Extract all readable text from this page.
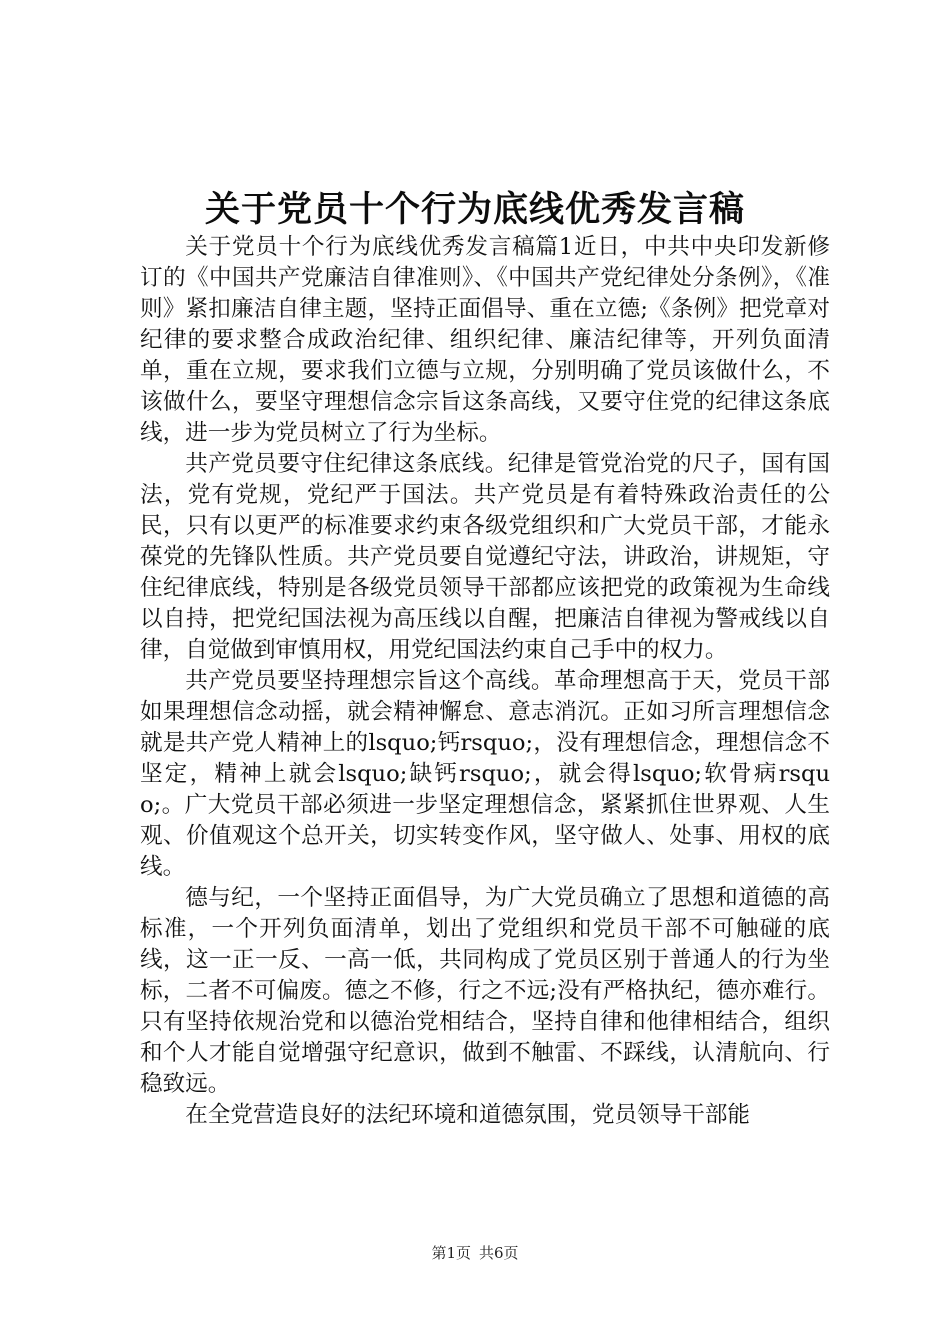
关于党员十个行为底线优秀发言稿

关于党员十个行为底线优秀发言稿篇1近日，中共中央印发新修订的《中国共产党廉洁自律准则》、《中国共产党纪律处分条例》，《准则》紧扣廉洁自律主题，坚持正面倡导、重在立德;《条例》把党章对纪律的要求整合成政治纪律、组织纪律、廉洁纪律等，开列负面清单，重在立规，要求我们立德与立规，分别明确了党员该做什么，不该做什么，要坚守理想信念宗旨这条高线，又要守住党的纪律这条底线，进一步为党员树立了行为坐标。

共产党员要守住纪律这条底线。纪律是管党治党的尺子，国有国法，党有党规，党纪严于国法。共产党员是有着特殊政治责任的公民，只有以更严的标准要求约束各级党组织和广大党员干部，才能永葆党的先锋队性质。共产党员要自觉遵纪守法，讲政治，讲规矩，守住纪律底线，特别是各级党员领导干部都应该把党的政策视为生命线以自持，把党纪国法视为高压线以自醒，把廉洁自律视为警戒线以自律，自觉做到审慎用权，用党纪国法约束自己手中的权力。

共产党员要坚持理想宗旨这个高线。革命理想高于天，党员干部如果理想信念动摇，就会精神懈怠、意志消沉。正如习所言理想信念就是共产党人精神上的lsquo;钙rsquo;，没有理想信念，理想信念不坚定，精神上就会lsquo;缺钙rsquo;，就会得lsquo;软骨病rsquo;。广大党员干部必须进一步坚定理想信念，紧紧抓住世界观、人生观、价值观这个总开关，切实转变作风，坚守做人、处事、用权的底线。

德与纪，一个坚持正面倡导，为广大党员确立了思想和道德的高标准，一个开列负面清单，划出了党组织和党员干部不可触碰的底线，这一正一反、一高一低，共同构成了党员区别于普通人的行为坐标，二者不可偏废。德之不修，行之不远;没有严格执纪，德亦难行。只有坚持依规治党和以德治党相结合，坚持自律和他律相结合，组织和个人才能自觉增强守纪意识，做到不触雷、不踩线，认清航向、行稳致远。

在全党营造良好的法纪环境和道德氛围，党员领导干部能

第1页 共6页
